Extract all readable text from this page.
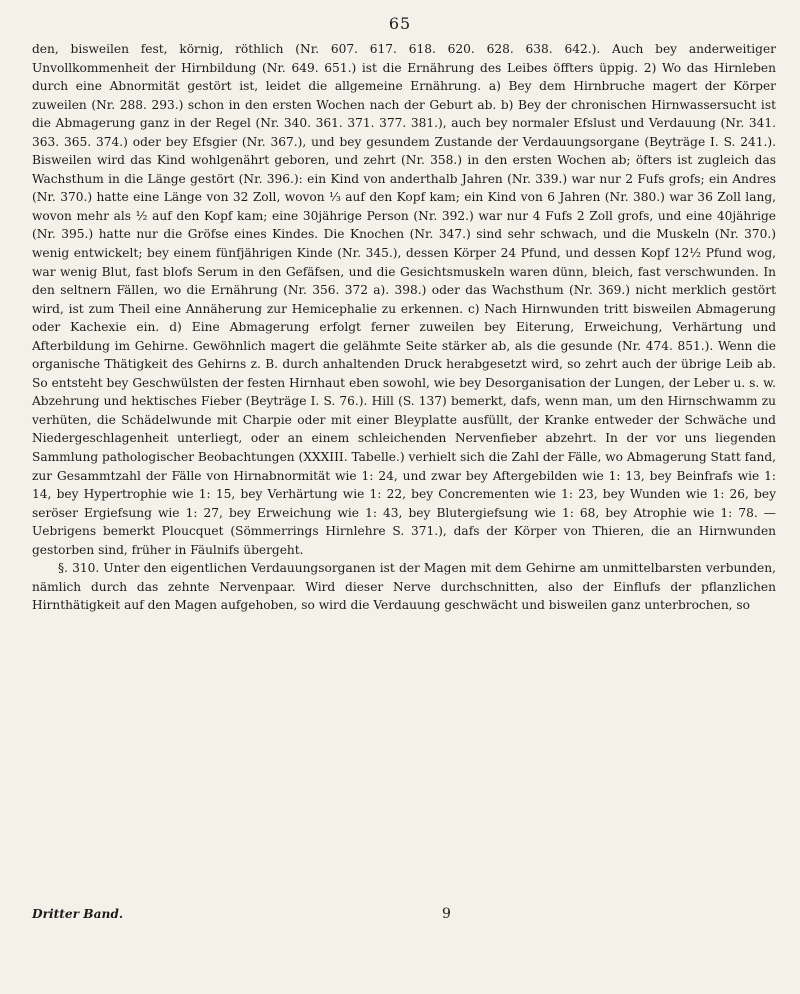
65

den, bisweilen fest, körnig, röthlich (Nr. 607. 617. 618. 620. 628. 638. 642.). Auch bey anderweitiger Unvollkommenheit der Hirnbildung (Nr. 649. 651.) ist die Ernährung des Leibes öffters üppig. 2) Wo das Hirnleben durch eine Abnormität gestört ist, leidet die allgemeine Ernährung. a) Bey dem Hirnbruche magert der Körper zuweilen (Nr. 288. 293.) schon in den ersten Wochen nach der Geburt ab. b) Bey der chronischen Hirnwassersucht ist die Abmagerung ganz in der Regel (Nr. 340. 361. 371. 377. 381.), auch bey normaler Efslust und Verdauung (Nr. 341. 363. 365. 374.) oder bey Efsgier (Nr. 367.), und bey gesundem Zustande der Verdauungsorgane (Beyträge I. S. 241.). Bisweilen wird das Kind wohlgenährt geboren, und zehrt (Nr. 358.) in den ersten Wochen ab; öfters ist zugleich das Wachsthum in die Länge gestört (Nr. 396.): ein Kind von anderthalb Jahren (Nr. 339.) war nur 2 Fufs grofs; ein Andres (Nr. 370.) hatte eine Länge von 32 Zoll, wovon ⅓ auf den Kopf kam; ein Kind von 6 Jahren (Nr. 380.) war 36 Zoll lang, wovon mehr als ½ auf den Kopf kam; eine 30jährige Person (Nr. 392.) war nur 4 Fufs 2 Zoll grofs, und eine 40jährige (Nr. 395.) hatte nur die Gröfse eines Kindes. Die Knochen (Nr. 347.) sind sehr schwach, und die Muskeln (Nr. 370.) wenig entwickelt; bey einem fünfjährigen Kinde (Nr. 345.), dessen Körper 24 Pfund, und dessen Kopf 12½ Pfund wog, war wenig Blut, fast blofs Serum in den Gefäfsen, und die Gesichtsmuskeln waren dünn, bleich, fast verschwunden. In den seltnern Fällen, wo die Ernährung (Nr. 356. 372 a). 398.) oder das Wachsthum (Nr. 369.) nicht merklich gestört wird, ist zum Theil eine Annäherung zur Hemicephalie zu erkennen. c) Nach Hirnwunden tritt bisweilen Abmagerung oder Kachexie ein. d) Eine Abmagerung erfolgt ferner zuweilen bey Eiterung, Erweichung, Verhärtung und Afterbildung im Gehirne. Gewöhnlich magert die gelähmte Seite stärker ab, als die gesunde (Nr. 474. 851.). Wenn die organische Thätigkeit des Gehirns z. B. durch anhaltenden Druck herabgesetzt wird, so zehrt auch der übrige Leib ab. So entsteht bey Geschwülsten der festen Hirnhaut eben sowohl, wie bey Desorganisation der Lungen, der Leber u. s. w. Abzehrung und hektisches Fieber (Beyträge I. S. 76.). Hill (S. 137) bemerkt, dafs, wenn man, um den Hirnschwamm zu verhüten, die Schädelwunde mit Charpie oder mit einer Bleyplatte ausfüllt, der Kranke entweder der Schwäche und Niedergeschlagenheit unterliegt, oder an einem schleichenden Nervenfieber abzehrt. In der vor uns liegenden Sammlung pathologischer Beobachtungen (XXXIII. Tabelle.) verhielt sich die Zahl der Fälle, wo Abmagerung Statt fand, zur Gesammtzahl der Fälle von Hirnabnormität wie 1: 24, und zwar bey Aftergebilden wie 1: 13, bey Beinfrafs wie 1: 14, bey Hypertrophie wie 1: 15, bey Verhärtung wie 1: 22, bey Concrementen wie 1: 23, bey Wunden wie 1: 26, bey seröser Ergiefsung wie 1: 27, bey Erweichung wie 1: 43, bey Blutergiefsung wie 1: 68, bey Atrophie wie 1: 78. — Uebrigens bemerkt Ploucquet (Sömmerrings Hirnlehre S. 371.), dafs der Körper von Thieren, die an Hirnwunden gestorben sind, früher in Fäulnifs übergeht.

§. 310. Unter den eigentlichen Verdauungsorganen ist der Magen mit dem Gehirne am unmittelbarsten verbunden, nämlich durch das zehnte Nervenpaar. Wird dieser Nerve durchschnitten, also der Einflufs der pflanzlichen Hirnthätigkeit auf den Magen aufgehoben, so wird die Verdauung geschwächt und bisweilen ganz unterbrochen, so

Dritter Band.	9
